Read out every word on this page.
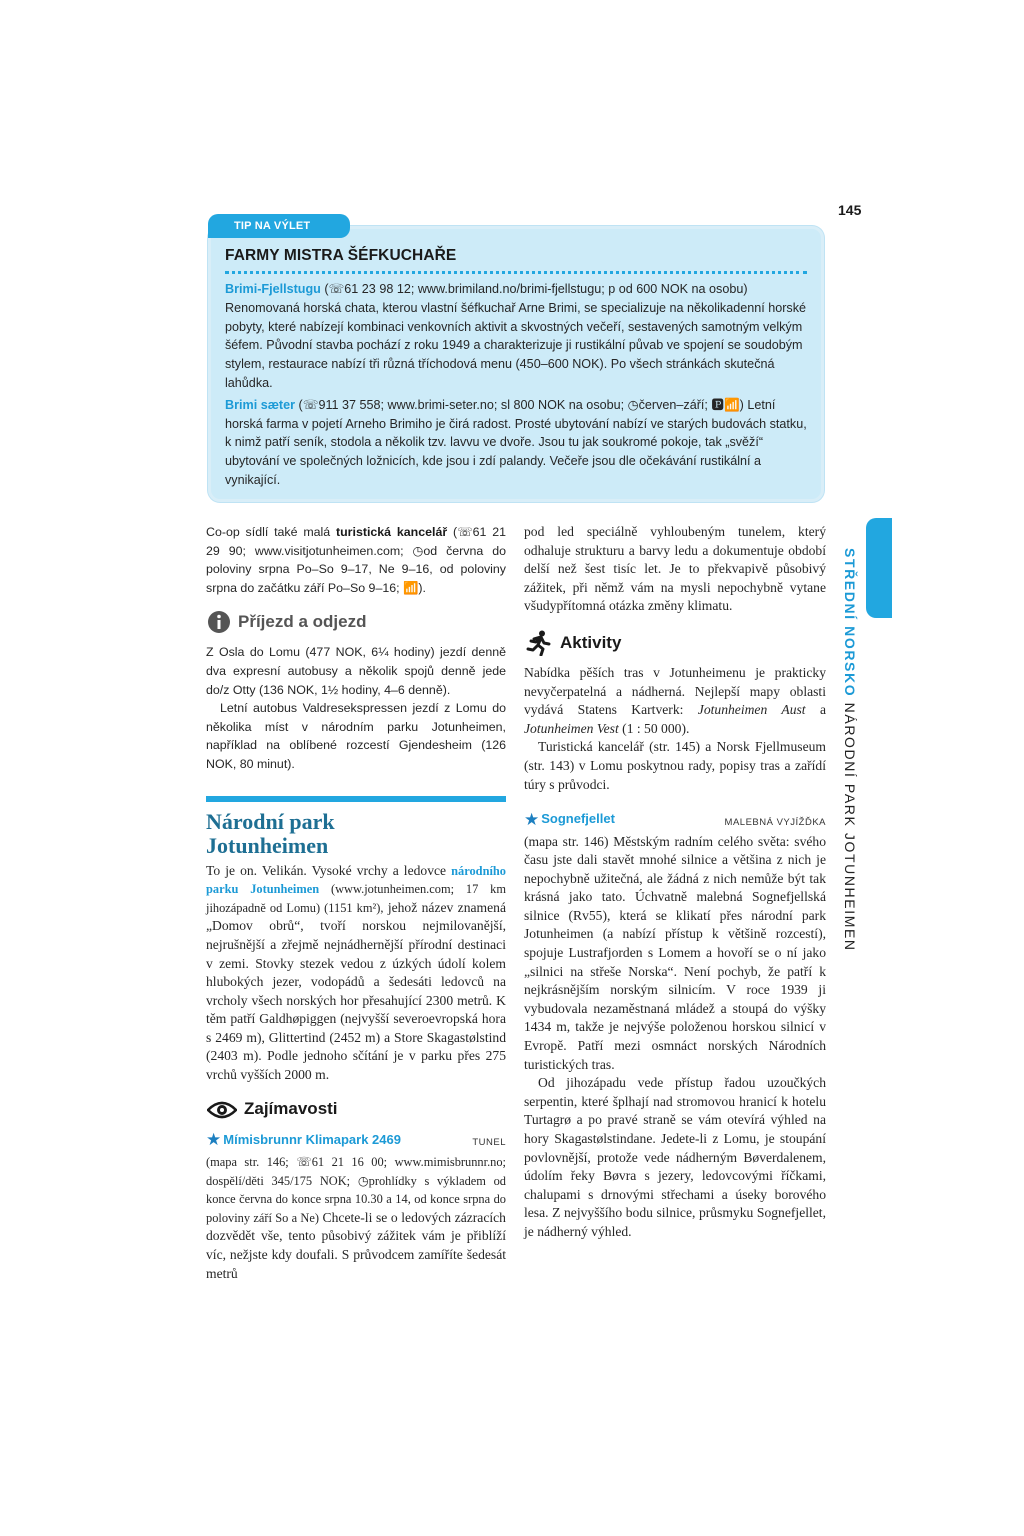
145
FARMY MISTRA ŠÉFKUCHAŘE

Brimi-Fjellstugu (☏61 23 98 12; www.brimiland.no/brimi-fjellstugu; p od 600 NOK na osobu) Renomovaná horská chata, kterou vlastní šéfkuchař Arne Brimi, se specializuje na několikadenní horské pobyty, které nabízejí kombinaci venkovních aktivit a skvostných večeří, sestavených samotným velkým šéfem. Původní stavba pochází z roku 1949 a charakterizuje ji rustikální půvab ve spojení se soudobým stylem, restaurace nabízí tři různá tříchodová menu (450–600 NOK). Po všech stránkách skutečná lahůdka.

Brimi sæter (☏911 37 558; www.brimi-seter.no; sl 800 NOK na osobu; ◷červen–září; 🅿📶) Letní horská farma v pojetí Arneho Brimiho je čirá radost. Prosté ubytování nabízí ve starých budovách statku, k nimž patří seník, stodola a několik tzv. lavvu ve dvoře. Jsou tu jak soukromé pokoje, tak „svěží“ ubytování ve společných ložnicích, kde jsou i zdí palandy. Večeře jsou dle očekávání rustikální a vynikající.

TIP NA VÝLET

Co-op sídlí také malá turistická kancelář (☏61 21 29 90; www.visitjotunheimen.com; ◷od června do poloviny srpna Po–So 9–17, Ne 9–16, od poloviny srpna do začátku září Po–So 9–16; 📶).

Příjezd a odjezd

Z Osla do Lomu (477 NOK, 6¼ hodiny) jezdí denně dva expresní autobusy a několik spojů denně jede do/z Otty (136 NOK, 1½ hodiny, 4–6 denně).

Letní autobus Valdresekspressen jezdí z Lomu do několika míst v národním parku Jotunheimen, například na oblíbené rozcestí Gjendesheim (126 NOK, 80 minut).

Národní park
Jotunheimen

To je on. Velikán. Vysoké vrchy a ledovce národního parku Jotunheimen (www.jotunheimen.com; 17 km jihozápadně od Lomu) (1151 km²), jehož název znamená „Domov obrů“, tvoří norskou nejmilovanější, nejrušnější a zřejmě nejnádhernější přírodní destinaci v zemi. Stovky stezek vedou z úzkých údolí kolem hlubokých jezer, vodopádů a šedesáti ledovců na vrcholy všech norských hor přesahující 2300 metrů. K těm patří Galdhøpiggen (nejvyšší severoevropská hora s 2469 m), Glittertind (2452 m) a Store Skagastølstind (2403 m). Podle jednoho sčítání je v parku přes 275 vrchů vyšších 2000 m.

Zajímavosti
★ Mímisbrunnr Klimapark 2469	TUNEL

(mapa str. 146; ☏61 21 16 00; www.mimisbrunnr.no; dospělí/děti 345/175 NOK; ◷prohlídky s výkladem od konce června do konce srpna 10.30 a 14, od konce srpna do poloviny září So a Ne) Chcete-li se o ledových zázracích dozvědět vše, tento působivý zážitek vám je přiblíží víc, nežjste kdy doufali. S průvodcem zamíříte šedesát metrů

pod led speciálně vyhloubeným tunelem, který odhaluje strukturu a barvy ledu a dokumentuje období delší než šest tisíc let. Je to překvapivě působivý zážitek, při němž vám na mysli nepochybně vytane všudypřítomná otázka změny klimatu.

Aktivity

Nabídka pěších tras v Jotunheimenu je prakticky nevyčerpatelná a nádherná. Nejlepší mapy oblasti vydává Statens Kartverk: Jotunheimen Aust a Jotunheimen Vest (1 : 50 000).

Turistická kancelář (str. 145) a Norsk Fjellmuseum (str. 143) v Lomu poskytnou rady, popisy tras a zařídí túry s průvodci.

★ Sognefjellet	MALEBNÁ VYJÍŽĎKA

(mapa str. 146) Městským radním celého světa: svého času jste dali stavět mnohé silnice a většina z nich je nepochybně užitečná, ale žádná z nich nemůže být tak krásná jako tato. Úchvatně malebná Sognefjellská silnice (Rv55), která se klikatí přes národní park Jotunheimen (a nabízí přístup k většině rozcestí), spojuje Lustrafjorden s Lomem a hovoří se o ní jako „silnici na střeše Norska“. Není pochyb, že patří k nejkrásnějším norským silnicím. V roce 1939 ji vybudovala nezaměstnaná mládež a stoupá do výšky 1434 m, takže je nejvýše položenou horskou silnicí v Evropě. Patří mezi osmnáct norských Národních turistických tras.

Od jihozápadu vede přístup řadou uzoučkých serpentin, které šplhají nad stromovou hranicí k hotelu Turtagrø a po pravé straně se vám otevírá výhled na hory Skagastølstindane. Jedete-li z Lomu, je stoupání povlovnější, protože vede nádherným Bøverdalenem, údolím řeky Bøvra s jezery, ledovcovými říčkami, chalupami s drnovými střechami a úseky borového lesa. Z nejvyššího bodu silnice, průsmyku Sognefjellet, je nádherný výhled.

STŘEDNÍ NORSKO NÁRODNÍ PARK JOTUNHEIMEN
